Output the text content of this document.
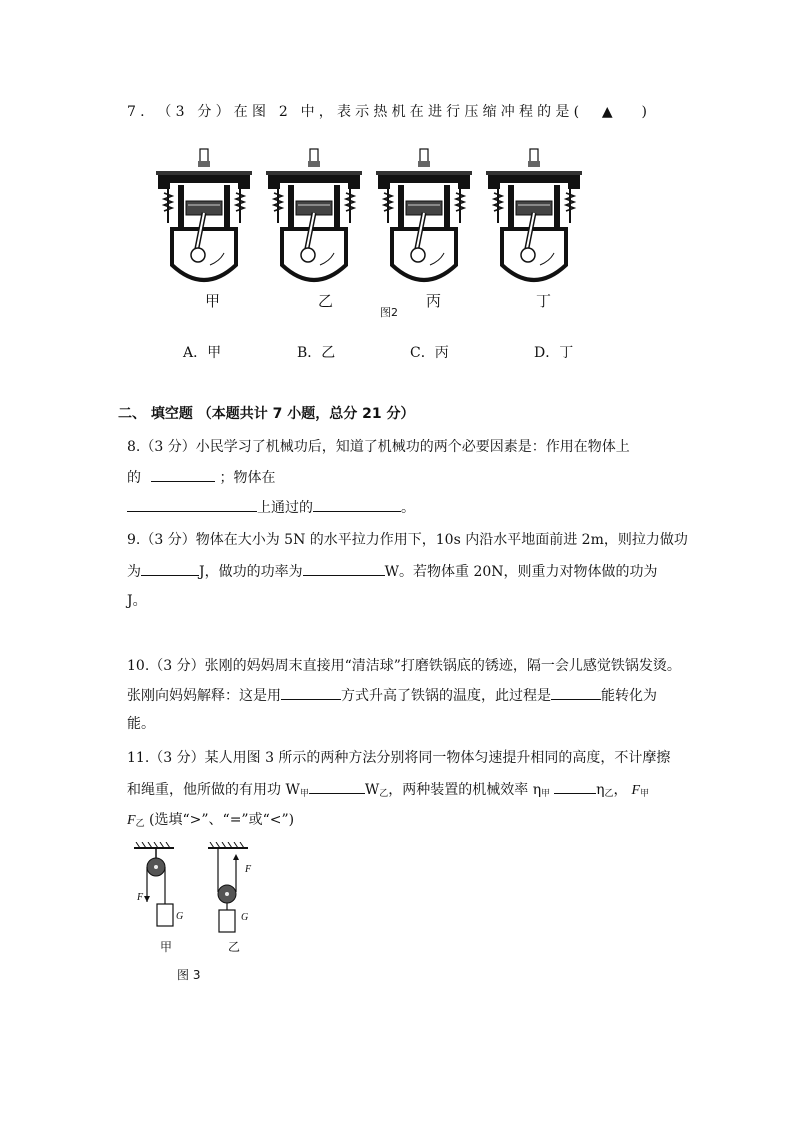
7. （3 分）在图 2 中，表示热机在进行压缩冲程的是( ▲ )
甲	乙	丙	丁
图2
A．甲	B．乙	C．丙	D．丁
二、 填空题 （本题共计 7 小题，总分 21 分）
8.（3 分）小民学习了机械功后，知道了机械功的两个必要因素是：作用在物体上
的	；物体在
上通过的	。
9.（3 分）物体在大小为 5N 的水平拉力作用下，10s 内沿水平地面前进 2m，则拉力做功
为	J，做功的功率为	W。若物体重 20N，则重力对物体做的功为
J。
10.（3 分）张刚的妈妈周末直接用“清洁球”打磨铁锅底的锈迹，隔一会儿感觉铁锅发烫。
张刚向妈妈解释：这是用	方式升高了铁锅的温度，此过程是	能转化为
能。
11.（3 分）某人用图 3 所示的两种方法分别将同一物体匀速提升相同的高度，不计摩擦
和绳重，他所做的有用功 W甲	W乙，两种装置的机械效率 η甲	η乙， F甲
F乙 (选填“>”、“=”或“<”)
F
G
F
G
甲	乙
图 3
